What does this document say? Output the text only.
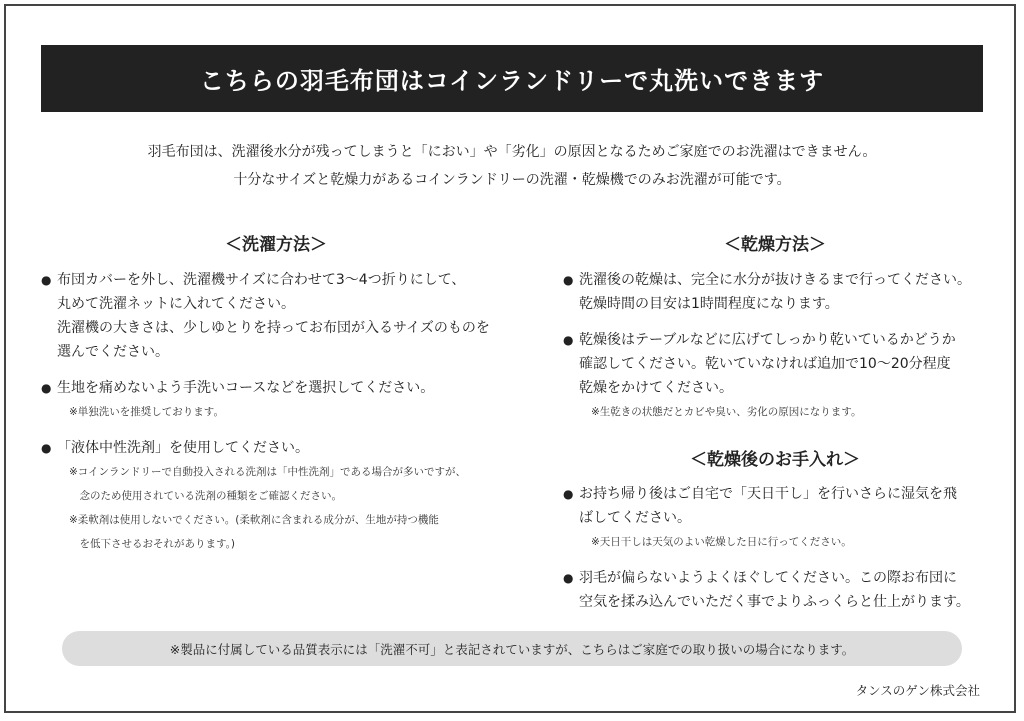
こちらの羽毛布団はコインランドリーで丸洗いできます
羽毛布団は、洗濯後水分が残ってしまうと「におい」や「劣化」の原因となるためご家庭でのお洗濯はできません。
十分なサイズと乾燥力があるコインランドリーの洗濯・乾燥機でのみお洗濯が可能です。
＜洗濯方法＞
● 布団カバーを外し、洗濯機サイズに合わせて3～4つ折りにして、
丸めて洗濯ネットに入れてください。
洗濯機の大きさは、少しゆとりを持ってお布団が入るサイズのものを
選んでください。
● 生地を痛めないよう手洗いコースなどを選択してください。
※単独洗いを推奨しております。
● 「液体中性洗剤」を使用してください。
※コインランドリーで自動投入される洗剤は「中性洗剤」である場合が多いですが、
　念のため使用されている洗剤の種類をご確認ください。
※柔軟剤は使用しないでください。(柔軟剤に含まれる成分が、生地が持つ機能
　を低下させるおそれがあります。)
＜乾燥方法＞
● 洗濯後の乾燥は、完全に水分が抜けきるまで行ってください。
乾燥時間の目安は1時間程度になります。
● 乾燥後はテーブルなどに広げてしっかり乾いているかどうか
確認してください。乾いていなければ追加で10～20分程度
乾燥をかけてください。
※生乾きの状態だとカビや臭い、劣化の原因になります。
＜乾燥後のお手入れ＞
● お持ち帰り後はご自宅で「天日干し」を行いさらに湿気を飛
ばしてください。
※天日干しは天気のよい乾燥した日に行ってください。
● 羽毛が偏らないようよくほぐしてください。この際お布団に
空気を揉み込んでいただく事でよりふっくらと仕上がります。
※製品に付属している品質表示には「洗濯不可」と表記されていますが、こちらはご家庭での取り扱いの場合になります。
タンスのゲン株式会社
